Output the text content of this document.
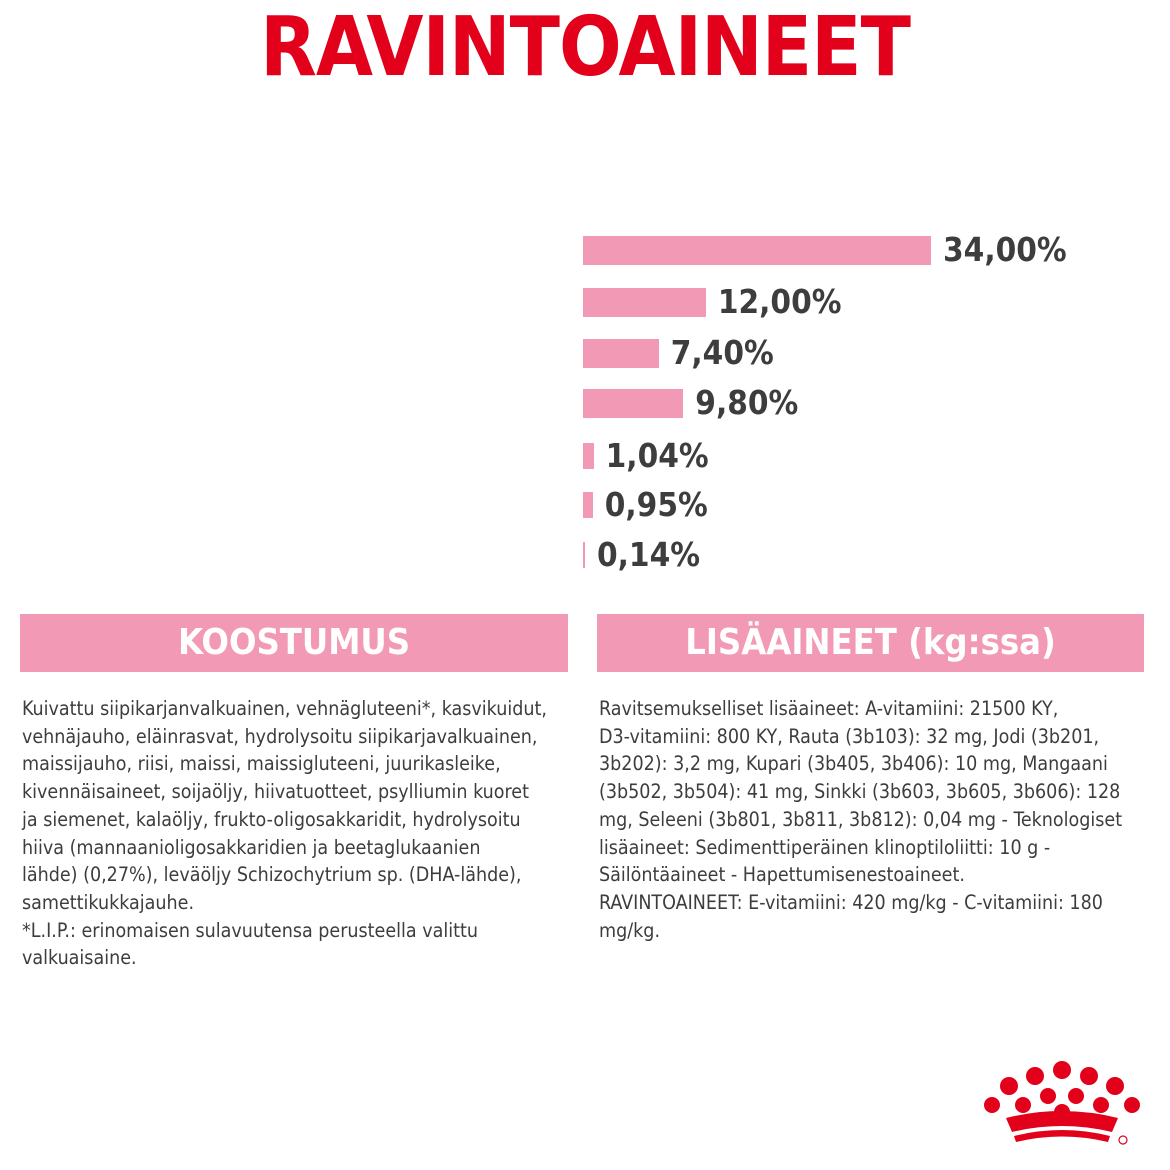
RAVINTOAINEET
34,00%
12,00%
7,40%
9,80%
1,04%
0,95%
0,14%
KOOSTUMUS	LISÄAINEET (kg:ssa)
Kuivattu siipikarjanvalkuainen, vehnägluteeni*, kasvikuidut,
vehnäjauho, eläinrasvat, hydrolysoitu siipikarjavalkuainen,
maissijauho, riisi, maissi, maissigluteeni, juurikasleike,
kivennäisaineet, soijaöljy, hiivatuotteet, psylliumin kuoret
ja siemenet, kalaöljy, frukto-oligosakkaridit, hydrolysoitu
hiiva (mannaanioligosakkaridien ja beetaglukaanien
lähde) (0,27%), leväöljy Schizochytrium sp. (DHA-lähde),
samettikukkajauhe.
*L.I.P.: erinomaisen sulavuutensa perusteella valittu
valkuaisaine.
Ravitsemukselliset lisäaineet: A-vitamiini: 21500 KY,
D3-vitamiini: 800 KY, Rauta (3b103): 32 mg, Jodi (3b201,
3b202): 3,2 mg, Kupari (3b405, 3b406): 10 mg, Mangaani
(3b502, 3b504): 41 mg, Sinkki (3b603, 3b605, 3b606): 128
mg, Seleeni (3b801, 3b811, 3b812): 0,04 mg - Teknologiset
lisäaineet: Sedimenttiperäinen klinoptiloliitti: 10 g -
Säilöntäaineet - Hapettumisenestoaineet.
RAVINTOAINEET: E-vitamiini: 420 mg/kg - C-vitamiini: 180
mg/kg.
